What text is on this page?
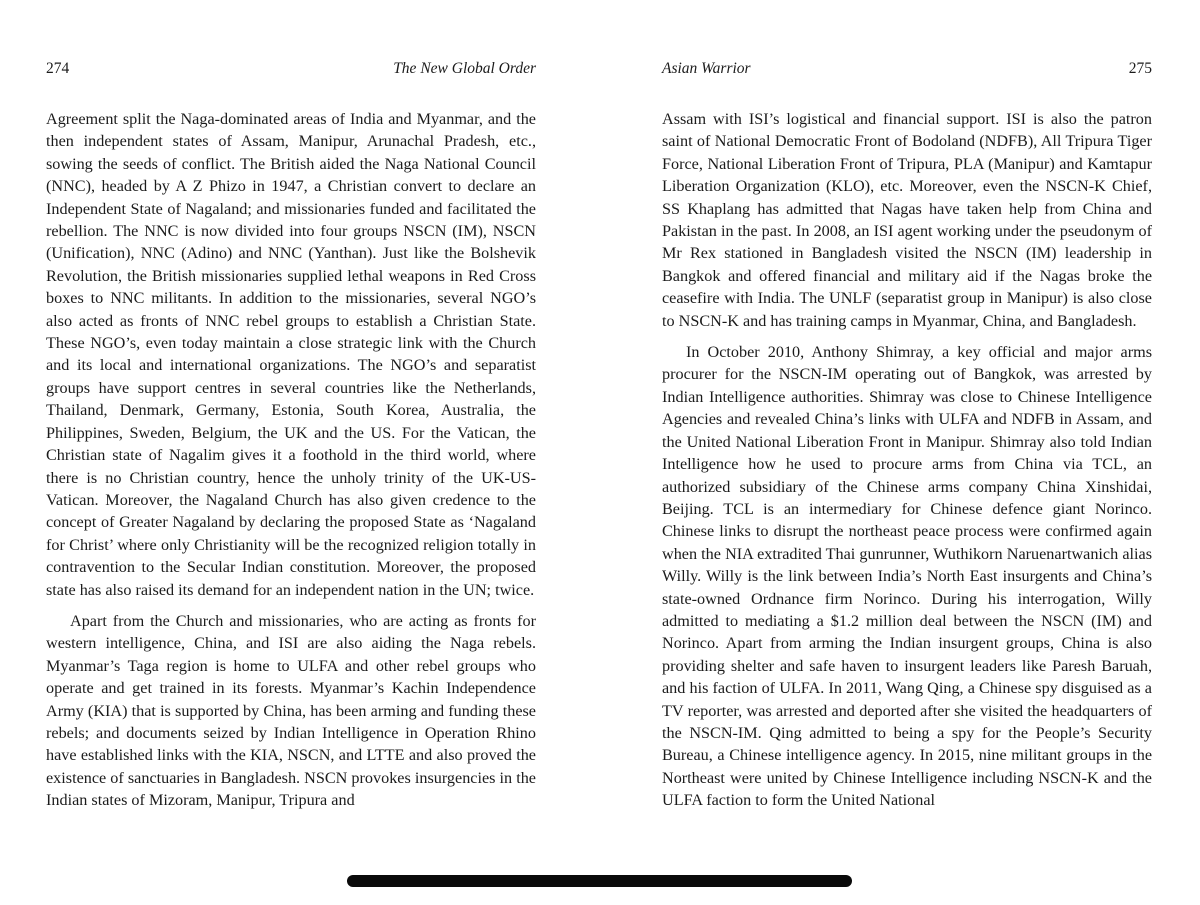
274	The New Global Order

Agreement split the Naga-dominated areas of India and Myanmar, and the then independent states of Assam, Manipur, Arunachal Pradesh, etc., sowing the seeds of conflict. The British aided the Naga National Council (NNC), headed by A Z Phizo in 1947, a Christian convert to declare an Independent State of Nagaland; and missionaries funded and facilitated the rebellion. The NNC is now divided into four groups NSCN (IM), NSCN (Unification), NNC (Adino) and NNC (Yanthan). Just like the Bolshevik Revolution, the British missionaries supplied lethal weapons in Red Cross boxes to NNC militants. In addition to the missionaries, several NGO’s also acted as fronts of NNC rebel groups to establish a Christian State. These NGO’s, even today maintain a close strategic link with the Church and its local and international organizations. The NGO’s and separatist groups have support centres in several countries like the Netherlands, Thailand, Denmark, Germany, Estonia, South Korea, Australia, the Philippines, Sweden, Belgium, the UK and the US. For the Vatican, the Christian state of Nagalim gives it a foothold in the third world, where there is no Christian country, hence the unholy trinity of the UK-US-Vatican. Moreover, the Nagaland Church has also given credence to the concept of Greater Nagaland by declaring the proposed State as ‘Nagaland for Christ’ where only Christianity will be the recognized religion totally in contravention to the Secular Indian constitution. Moreover, the proposed state has also raised its demand for an independent nation in the UN; twice.

Apart from the Church and missionaries, who are acting as fronts for western intelligence, China, and ISI are also aiding the Naga rebels. Myanmar’s Taga region is home to ULFA and other rebel groups who operate and get trained in its forests. Myanmar’s Kachin Independence Army (KIA) that is supported by China, has been arming and funding these rebels; and documents seized by Indian Intelligence in Operation Rhino have established links with the KIA, NSCN, and LTTE and also proved the existence of sanctuaries in Bangladesh. NSCN provokes insurgencies in the Indian states of Mizoram, Manipur, Tripura and

Asian Warrior	275

Assam with ISI’s logistical and financial support. ISI is also the patron saint of National Democratic Front of Bodoland (NDFB), All Tripura Tiger Force, National Liberation Front of Tripura, PLA (Manipur) and Kamtapur Liberation Organization (KLO), etc. Moreover, even the NSCN-K Chief, SS Khaplang has admitted that Nagas have taken help from China and Pakistan in the past. In 2008, an ISI agent working under the pseudonym of Mr Rex stationed in Bangladesh visited the NSCN (IM) leadership in Bangkok and offered financial and military aid if the Nagas broke the ceasefire with India. The UNLF (separatist group in Manipur) is also close to NSCN-K and has training camps in Myanmar, China, and Bangladesh.

In October 2010, Anthony Shimray, a key official and major arms procurer for the NSCN-IM operating out of Bangkok, was arrested by Indian Intelligence authorities. Shimray was close to Chinese Intelligence Agencies and revealed China’s links with ULFA and NDFB in Assam, and the United National Liberation Front in Manipur. Shimray also told Indian Intelligence how he used to procure arms from China via TCL, an authorized subsidiary of the Chinese arms company China Xinshidai, Beijing. TCL is an intermediary for Chinese defence giant Norinco. Chinese links to disrupt the northeast peace process were confirmed again when the NIA extradited Thai gunrunner, Wuthikorn Naruenartwanich alias Willy. Willy is the link between India’s North East insurgents and China’s state-owned Ordnance firm Norinco. During his interrogation, Willy admitted to mediating a $1.2 million deal between the NSCN (IM) and Norinco. Apart from arming the Indian insurgent groups, China is also providing shelter and safe haven to insurgent leaders like Paresh Baruah, and his faction of ULFA. In 2011, Wang Qing, a Chinese spy disguised as a TV reporter, was arrested and deported after she visited the headquarters of the NSCN-IM. Qing admitted to being a spy for the People’s Security Bureau, a Chinese intelligence agency. In 2015, nine militant groups in the Northeast were united by Chinese Intelligence including NSCN-K and the ULFA faction to form the United National
